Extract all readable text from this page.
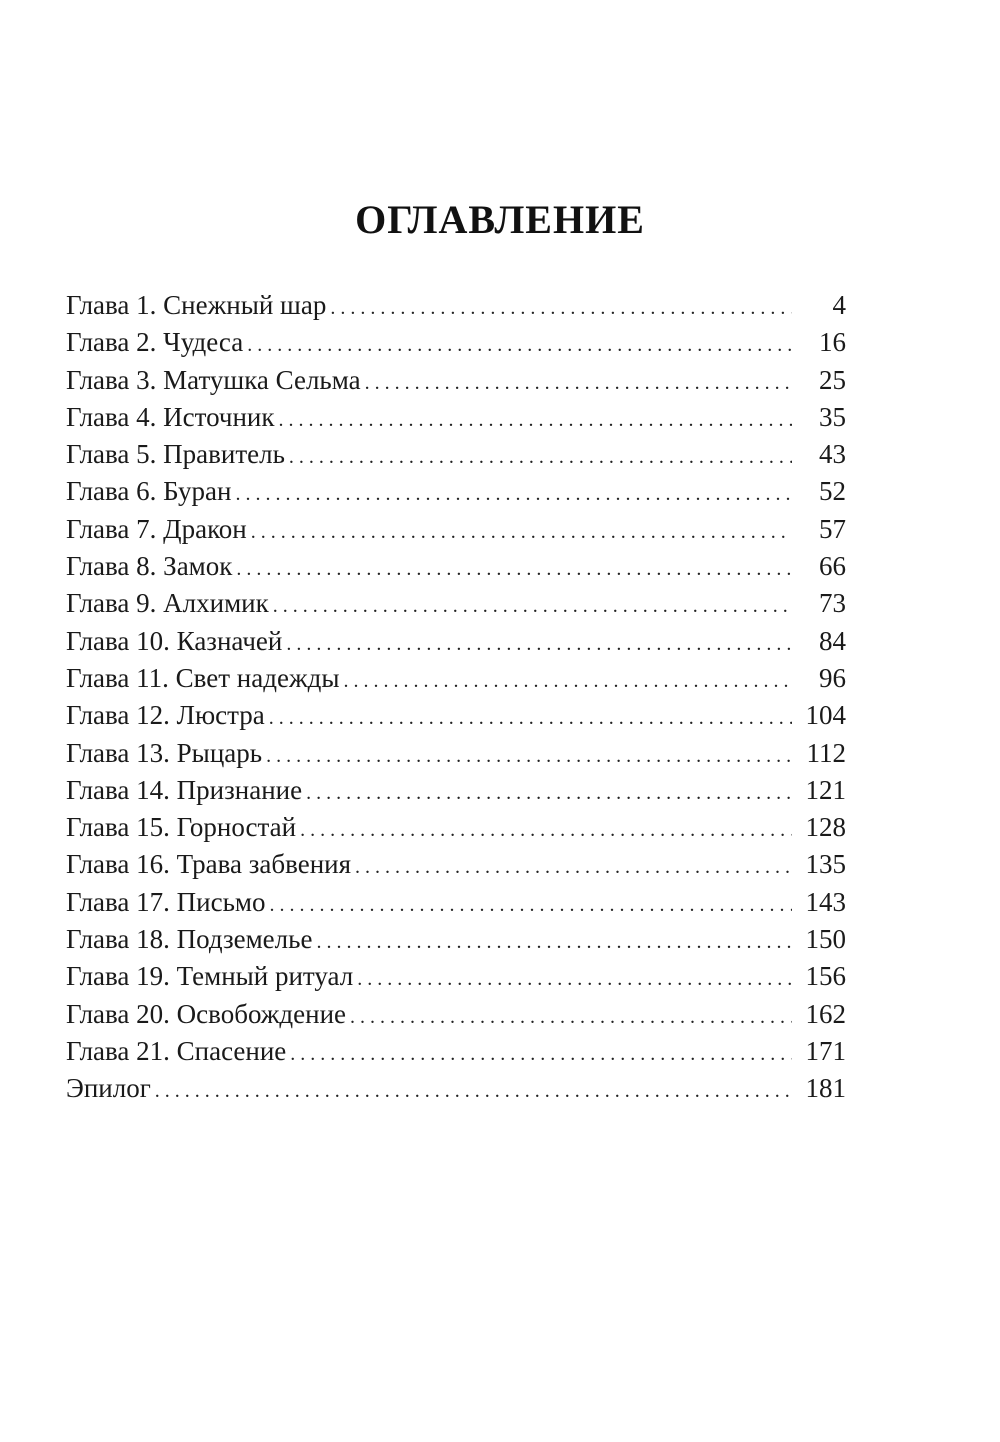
ОГЛАВЛЕНИЕ
Глава 1. Снежный шар . . .	4
Глава 2. Чудеса . . .	16
Глава 3. Матушка Сельма . . .	25
Глава 4. Источник . . .	35
Глава 5. Правитель . . .	43
Глава 6. Буран . . .	52
Глава 7. Дракон . . .	57
Глава 8. Замок . . .	66
Глава 9. Алхимик . . .	73
Глава 10. Казначей . . .	84
Глава 11. Свет надежды . . .	96
Глава 12. Люстра . . .	104
Глава 13. Рыцарь . . .	112
Глава 14. Признание . . .	121
Глава 15. Горностай . . .	128
Глава 16. Трава забвения . . .	135
Глава 17. Письмо . . .	143
Глава 18. Подземелье . . .	150
Глава 19. Темный ритуал . . .	156
Глава 20. Освобождение . . .	162
Глава 21. Спасение . . .	171
Эпилог . . .	181
